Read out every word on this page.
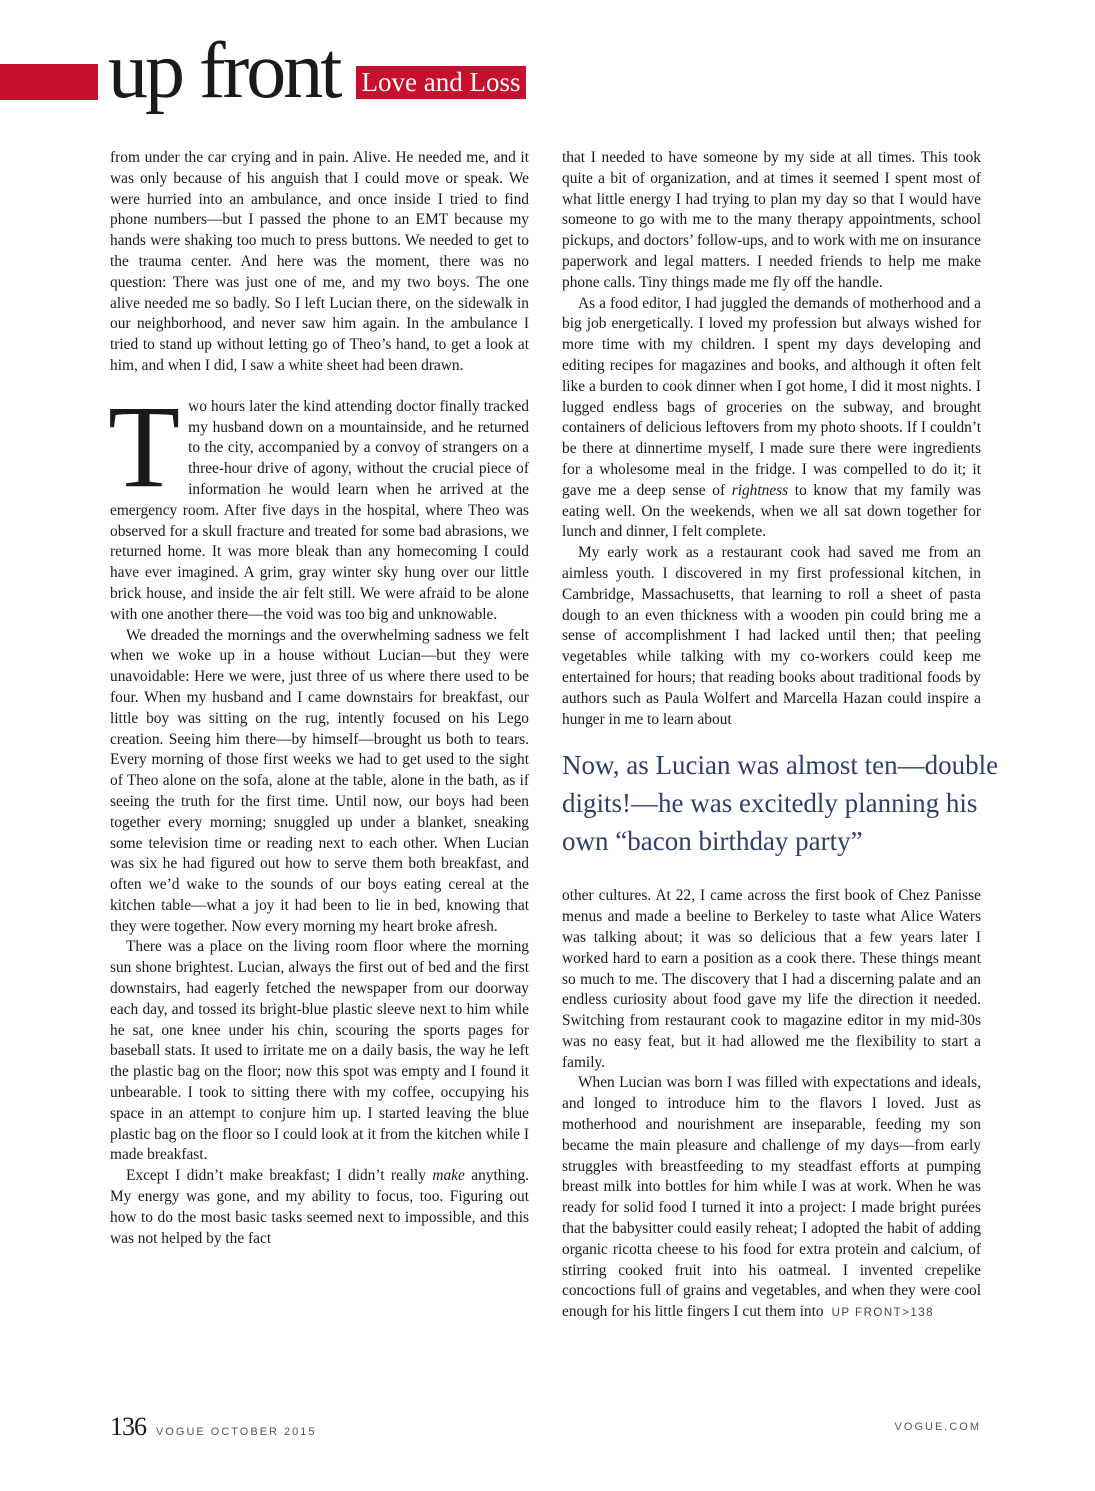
up front Love and Loss

from under the car crying and in pain. Alive. He needed me, and it was only because of his anguish that I could move or speak. We were hurried into an ambulance, and once inside I tried to find phone numbers—but I passed the phone to an EMT because my hands were shaking too much to press buttons. We needed to get to the trauma center. And here was the moment, there was no question: There was just one of me, and my two boys. The one alive needed me so badly. So I left Lucian there, on the sidewalk in our neighborhood, and never saw him again. In the ambulance I tried to stand up without letting go of Theo’s hand, to get a look at him, and when I did, I saw a white sheet had been drawn.

Two hours later the kind attending doctor finally tracked my husband down on a mountainside, and he returned to the city, accompanied by a convoy of strangers on a three-hour drive of agony, without the crucial piece of information he would learn when he arrived at the emergency room. After five days in the hospital, where Theo was observed for a skull fracture and treated for some bad abrasions, we returned home. It was more bleak than any homecoming I could have ever imagined. A grim, gray winter sky hung over our little brick house, and inside the air felt still. We were afraid to be alone with one another there—the void was too big and unknowable.

We dreaded the mornings and the overwhelming sadness we felt when we woke up in a house without Lucian—but they were unavoidable: Here we were, just three of us where there used to be four. When my husband and I came downstairs for breakfast, our little boy was sitting on the rug, intently focused on his Lego creation. Seeing him there—by himself—brought us both to tears. Every morning of those first weeks we had to get used to the sight of Theo alone on the sofa, alone at the table, alone in the bath, as if seeing the truth for the first time. Until now, our boys had been together every morning; snuggled up under a blanket, sneaking some television time or reading next to each other. When Lucian was six he had figured out how to serve them both breakfast, and often we’d wake to the sounds of our boys eating cereal at the kitchen table—what a joy it had been to lie in bed, knowing that they were together. Now every morning my heart broke afresh.

There was a place on the living room floor where the morning sun shone brightest. Lucian, always the first out of bed and the first downstairs, had eagerly fetched the newspaper from our doorway each day, and tossed its bright-blue plastic sleeve next to him while he sat, one knee under his chin, scouring the sports pages for baseball stats. It used to irritate me on a daily basis, the way he left the plastic bag on the floor; now this spot was empty and I found it unbearable. I took to sitting there with my coffee, occupying his space in an attempt to conjure him up. I started leaving the blue plastic bag on the floor so I could look at it from the kitchen while I made breakfast.

Except I didn’t make breakfast; I didn’t really make anything. My energy was gone, and my ability to focus, too. Figuring out how to do the most basic tasks seemed next to impossible, and this was not helped by the fact

that I needed to have someone by my side at all times. This took quite a bit of organization, and at times it seemed I spent most of what little energy I had trying to plan my day so that I would have someone to go with me to the many therapy appointments, school pickups, and doctors’ follow-ups, and to work with me on insurance paperwork and legal matters. I needed friends to help me make phone calls. Tiny things made me fly off the handle.

As a food editor, I had juggled the demands of motherhood and a big job energetically. I loved my profession but always wished for more time with my children. I spent my days developing and editing recipes for magazines and books, and although it often felt like a burden to cook dinner when I got home, I did it most nights. I lugged endless bags of groceries on the subway, and brought containers of delicious leftovers from my photo shoots. If I couldn’t be there at dinnertime myself, I made sure there were ingredients for a wholesome meal in the fridge. I was compelled to do it; it gave me a deep sense of rightness to know that my family was eating well. On the weekends, when we all sat down together for lunch and dinner, I felt complete.

My early work as a restaurant cook had saved me from an aimless youth. I discovered in my first professional kitchen, in Cambridge, Massachusetts, that learning to roll a sheet of pasta dough to an even thickness with a wooden pin could bring me a sense of accomplishment I had lacked until then; that peeling vegetables while talking with my co-workers could keep me entertained for hours; that reading books about traditional foods by authors such as Paula Wolfert and Marcella Hazan could inspire a hunger in me to learn about

Now, as Lucian was almost ten—double digits!—he was excitedly planning his own “bacon birthday party”

other cultures. At 22, I came across the first book of Chez Panisse menus and made a beeline to Berkeley to taste what Alice Waters was talking about; it was so delicious that a few years later I worked hard to earn a position as a cook there. These things meant so much to me. The discovery that I had a discerning palate and an endless curiosity about food gave my life the direction it needed. Switching from restaurant cook to magazine editor in my mid-30s was no easy feat, but it had allowed me the flexibility to start a family.

When Lucian was born I was filled with expectations and ideals, and longed to introduce him to the flavors I loved. Just as motherhood and nourishment are inseparable, feeding my son became the main pleasure and challenge of my days—from early struggles with breastfeeding to my steadfast efforts at pumping breast milk into bottles for him while I was at work. When he was ready for solid food I turned it into a project: I made bright purées that the babysitter could easily reheat; I adopted the habit of adding organic ricotta cheese to his food for extra protein and calcium, of stirring cooked fruit into his oatmeal. I invented crepelike concoctions full of grains and vegetables, and when they were cool enough for his little fingers I cut them into UP FRONT>138

136 VOGUE OCTOBER 2015	VOGUE.COM
